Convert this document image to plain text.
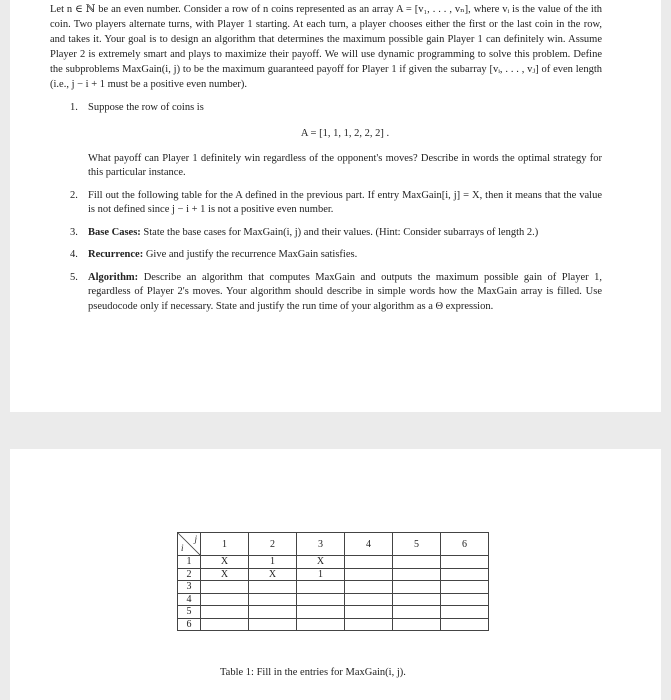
Let n ∈ ℕ be an even number. Consider a row of n coins represented as an array A = [v₁, . . . , vₙ], where vᵢ is the value of the ith coin. Two players alternate turns, with Player 1 starting. At each turn, a player chooses either the first or the last coin in the row, and takes it. Your goal is to design an algorithm that determines the maximum possible gain Player 1 can definitely win. Assume Player 2 is extremely smart and plays to maximize their payoff. We will use dynamic programming to solve this problem. Define the subproblems MaxGain(i, j) to be the maximum guaranteed payoff for Player 1 if given the subarray [vᵢ, . . . , vⱼ] of even length (i.e., j − i + 1 must be a positive even number).

1. Suppose the row of coins is
A = [1, 1, 1, 2, 2, 2] .
What payoff can Player 1 definitely win regardless of the opponent's moves? Describe in words the optimal strategy for this particular instance.
2. Fill out the following table for the A defined in the previous part. If entry MaxGain[i, j] = X, then it means that the value is not defined since j − i + 1 is not a positive even number.
3. Base Cases: State the base cases for MaxGain(i, j) and their values. (Hint: Consider subarrays of length 2.)
4. Recurrence: Give and justify the recurrence MaxGain satisfies.
5. Algorithm: Describe an algorithm that computes MaxGain and outputs the maximum possible gain of Player 1, regardless of Player 2's moves. Your algorithm should describe in simple words how the MaxGain array is filled. Use pseudocode only if necessary. State and justify the run time of your algorithm as a Θ expression.
j
i	1	2	3	4	5	6
1	X	1	X			
2	X	X	1			
3						
4						
5						
6						
Table 1: Fill in the entries for MaxGain(i, j).
